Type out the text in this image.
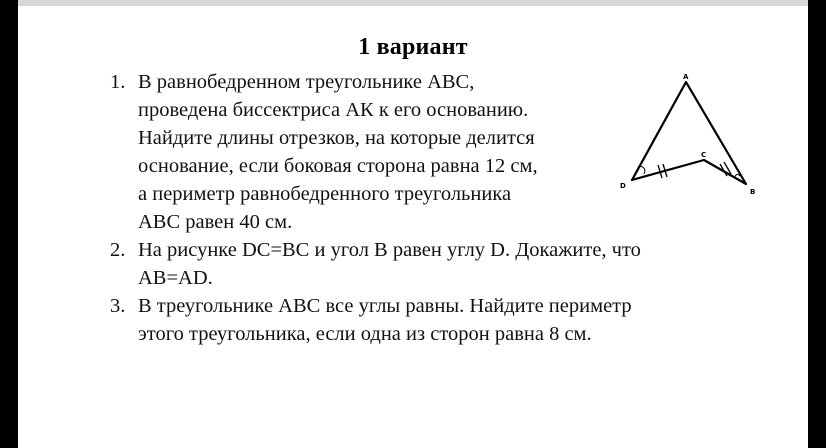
1 вариант
1. В равнобедренном треугольнике АВС,
проведена биссектриса АК к его основанию.
Найдите длины отрезков, на которые делится
основание, если боковая сторона равна 12 см,
а периметр равнобедренного треугольника
АВС равен 40 см.
2. На рисунке DC=BC и угол B равен углу D. Докажите, что
AB=AD.
3. В треугольнике АВС все углы равны. Найдите периметр
этого треугольника, если одна из сторон равна 8 см.
A
D
C
B
